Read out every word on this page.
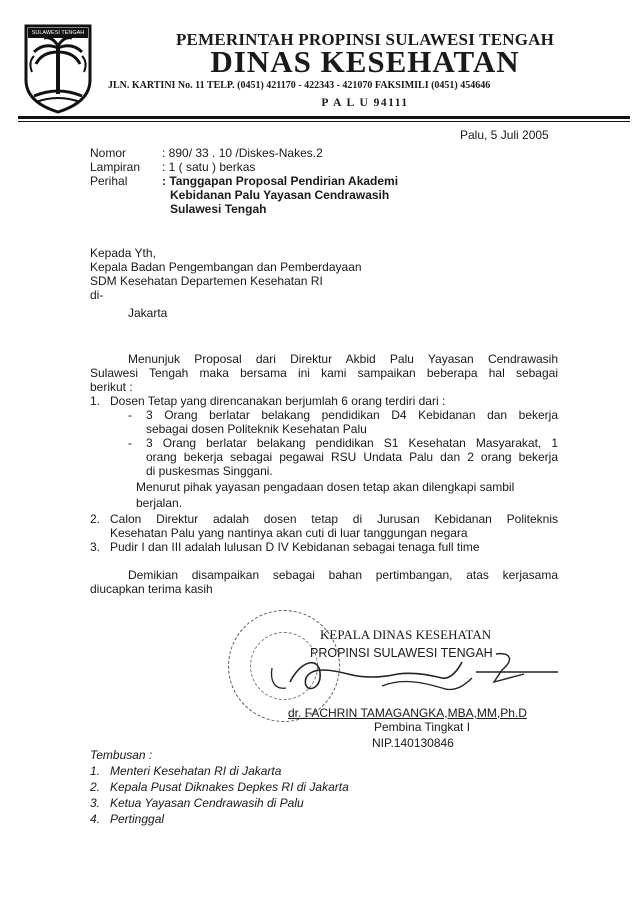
SULAWESI TENGAH	PEMERINTAH PROPINSI SULAWESI TENGAH
DINAS KESEHATAN
JLN. KARTINI No. 11 TELP. (0451) 421170 - 422343 - 421070 FAKSIMILI (0451) 454646
P A L U 94111
Palu, 5 Juli 2005
Nomor	: 890/ 33 . 10 /Diskes-Nakes.2
Lampiran : 1 ( satu ) berkas
Perihal	: Tanggapan Proposal Pendirian Akademi
Kebidanan Palu Yayasan Cendrawasih
Sulawesi Tengah
Kepada Yth,
Kepala Badan Pengembangan dan Pemberdayaan
SDM Kesehatan Departemen Kesehatan RI
di-
Jakarta
Menunjuk Proposal dari Direktur Akbid Palu Yayasan Cendrawasih
Sulawesi Tengah maka bersama ini kami sampaikan beberapa hal sebagai
berikut :
1. Dosen Tetap yang direncanakan berjumlah 6 orang terdiri dari :
- 3 Orang berlatar belakang pendidikan D4 Kebidanan dan bekerja
sebagai dosen Politeknik Kesehatan Palu
- 3 Orang berlatar belakang pendidikan S1 Kesehatan Masyarakat, 1
orang bekerja sebagai pegawai RSU Undata Palu dan 2 orang bekerja
di puskesmas Singgani.
Menurut pihak yayasan pengadaan dosen tetap akan dilengkapi sambil
berjalan.
2. Calon Direktur adalah dosen tetap di Jurusan Kebidanan Politeknis
Kesehatan Palu yang nantinya akan cuti di luar tanggungan negara
3. Pudir I dan III adalah lulusan D IV Kebidanan sebagai tenaga full time
Demikian disampaikan sebagai bahan pertimbangan, atas kerjasama
diucapkan terima kasih
KEPALA DINAS KESEHATAN
PROPINSI SULAWESI TENGAH
dr. FACHRIN TAMAGANGKA,MBA,MM,Ph.D
Pembina Tingkat I
NIP.140130846
Tembusan :
1. Menteri Kesehatan RI di Jakarta
2. Kepala Pusat Diknakes Depkes RI di Jakarta
3. Ketua Yayasan Cendrawasih di Palu
4. Pertinggal
